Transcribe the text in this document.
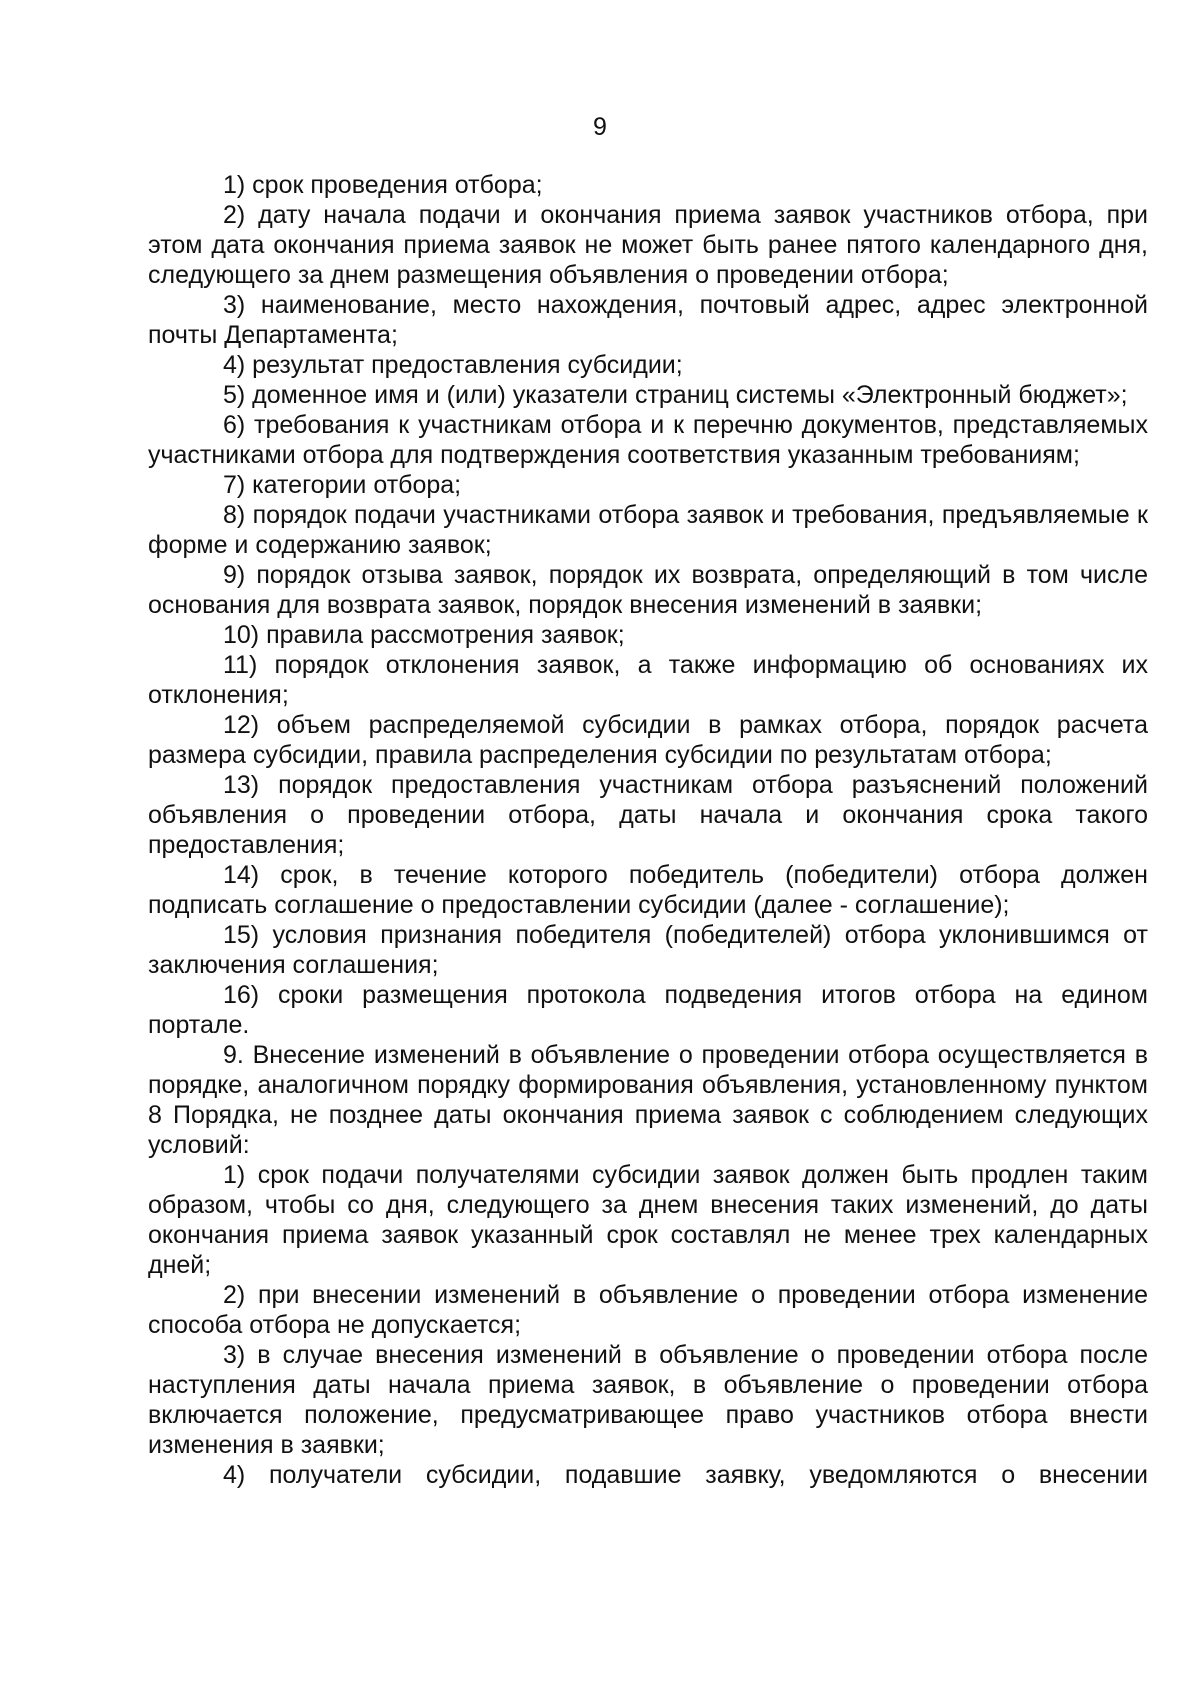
9

1) срок проведения отбора;

2) дату начала подачи и окончания приема заявок участников отбора, при этом дата окончания приема заявок не может быть ранее пятого календарного дня, следующего за днем размещения объявления о проведении отбора;

3) наименование, место нахождения, почтовый адрес, адрес электронной почты Департамента;

4) результат предоставления субсидии;

5) доменное имя и (или) указатели страниц системы «Электронный бюджет»;

6) требования к участникам отбора и к перечню документов, представляемых участниками отбора для подтверждения соответствия указанным требованиям;

7) категории отбора;

8) порядок подачи участниками отбора заявок и требования, предъявляемые к форме и содержанию заявок;

9) порядок отзыва заявок, порядок их возврата, определяющий в том числе основания для возврата заявок, порядок внесения изменений в заявки;

10) правила рассмотрения заявок;

11) порядок отклонения заявок, а также информацию об основаниях их отклонения;

12) объем распределяемой субсидии в рамках отбора, порядок расчета размера субсидии, правила распределения субсидии по результатам отбора;

13) порядок предоставления участникам отбора разъяснений положений объявления о проведении отбора, даты начала и окончания срока такого предоставления;

14) срок, в течение которого победитель (победители) отбора должен подписать соглашение о предоставлении субсидии (далее - соглашение);

15) условия признания победителя (победителей) отбора уклонившимся от заключения соглашения;

16) сроки размещения протокола подведения итогов отбора на едином портале.

9. Внесение изменений в объявление о проведении отбора осуществляется в порядке, аналогичном порядку формирования объявления, установленному пунктом 8 Порядка, не позднее даты окончания приема заявок с соблюдением следующих условий:

1) срок подачи получателями субсидии заявок должен быть продлен таким образом, чтобы со дня, следующего за днем внесения таких изменений, до даты окончания приема заявок указанный срок составлял не менее трех календарных дней;

2) при внесении изменений в объявление о проведении отбора изменение способа отбора не допускается;

3) в случае внесения изменений в объявление о проведении отбора после наступления даты начала приема заявок, в объявление о проведении отбора включается положение, предусматривающее право участников отбора внести изменения в заявки;

4) получатели субсидии, подавшие заявку, уведомляются о внесении
